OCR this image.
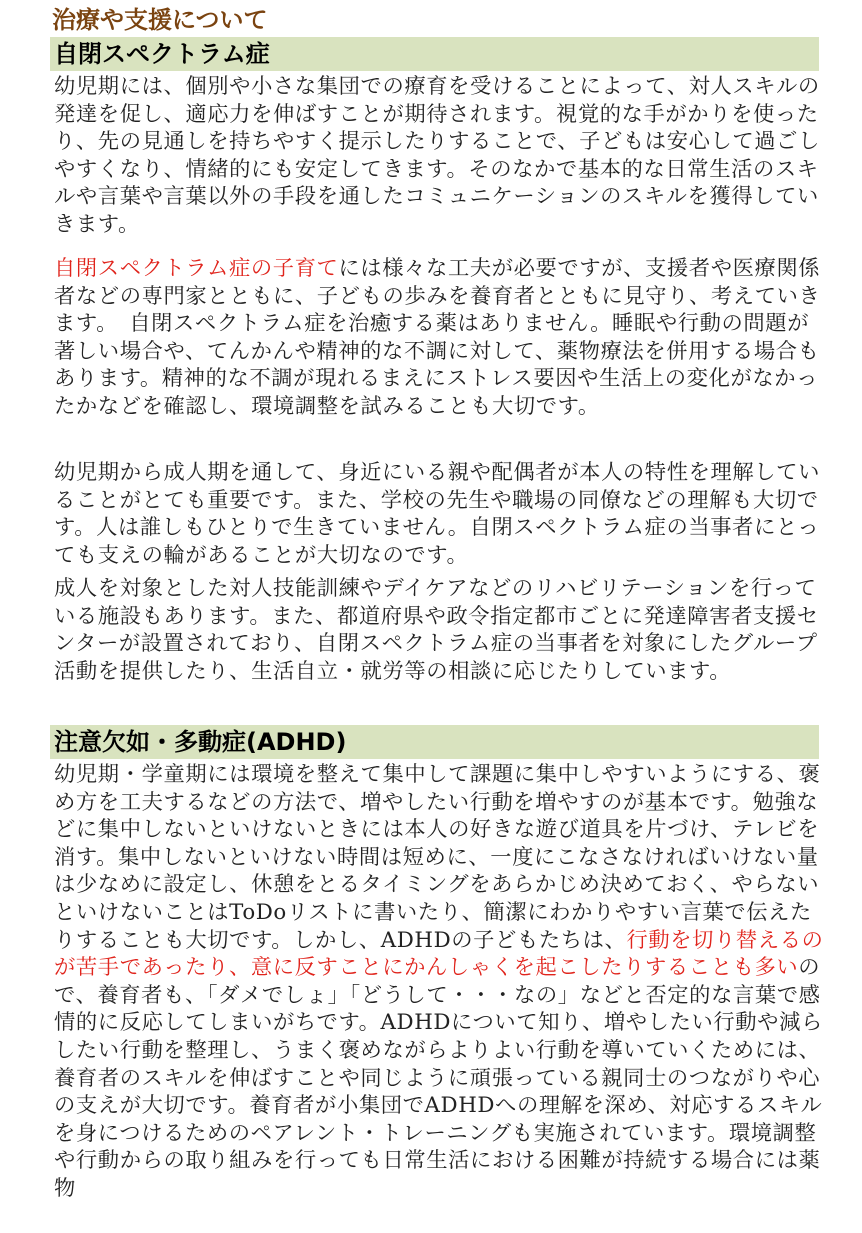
治療や支援について
自閉スペクトラム症

幼児期には、個別や小さな集団での療育を受けることによって、対人スキルの発達を促し、適応力を伸ばすことが期待されます。視覚的な手がかりを使ったり、先の見通しを持ちやすく提示したりすることで、子どもは安心して過ごしやすくなり、情緒的にも安定してきます。そのなかで基本的な日常生活のスキルや言葉や言葉以外の手段を通したコミュニケーションのスキルを獲得していきます。

自閉スペクトラム症の子育てには様々な工夫が必要ですが、支援者や医療関係者などの専門家とともに、子どもの歩みを養育者とともに見守り、考えていきます。　自閉スペクトラム症を治癒する薬はありません。睡眠や行動の問題が著しい場合や、てんかんや精神的な不調に対して、薬物療法を併用する場合もあります。精神的な不調が現れるまえにストレス要因や生活上の変化がなかったかなどを確認し、環境調整を試みることも大切です。

幼児期から成人期を通して、身近にいる親や配偶者が本人の特性を理解していることがとても重要です。また、学校の先生や職場の同僚などの理解も大切です。人は誰しもひとりで生きていません。自閉スペクトラム症の当事者にとっても支えの輪があることが大切なのです。

成人を対象とした対人技能訓練やデイケアなどのリハビリテーションを行っている施設もあります。また、都道府県や政令指定都市ごとに発達障害者支援センターが設置されており、自閉スペクトラム症の当事者を対象にしたグループ活動を提供したり、生活自立・就労等の相談に応じたりしています。

注意欠如・多動症(ADHD)

幼児期・学童期には環境を整えて集中して課題に集中しやすいようにする、褒め方を工夫するなどの方法で、増やしたい行動を増やすのが基本です。勉強などに集中しないといけないときには本人の好きな遊び道具を片づけ、テレビを消す。集中しないといけない時間は短めに、一度にこなさなければいけない量は少なめに設定し、休憩をとるタイミングをあらかじめ決めておく、やらないといけないことはToDoリストに書いたり、簡潔にわかりやすい言葉で伝えたりすることも大切です。しかし、ADHDの子どもたちは、行動を切り替えるのが苦手であったり、意に反すことにかんしゃくを起こしたりすることも多いので、養育者も、「ダメでしょ」「どうして・・・なの」などと否定的な言葉で感情的に反応してしまいがちです。ADHDについて知り、増やしたい行動や減らしたい行動を整理し、うまく褒めながらよりよい行動を導いていくためには、養育者のスキルを伸ばすことや同じように頑張っている親同士のつながりや心の支えが大切です。養育者が小集団でADHDへの理解を深め、対応するスキルを身につけるためのペアレント・トレーニングも実施されています。環境調整や行動からの取り組みを行っても日常生活における困難が持続する場合には薬物
